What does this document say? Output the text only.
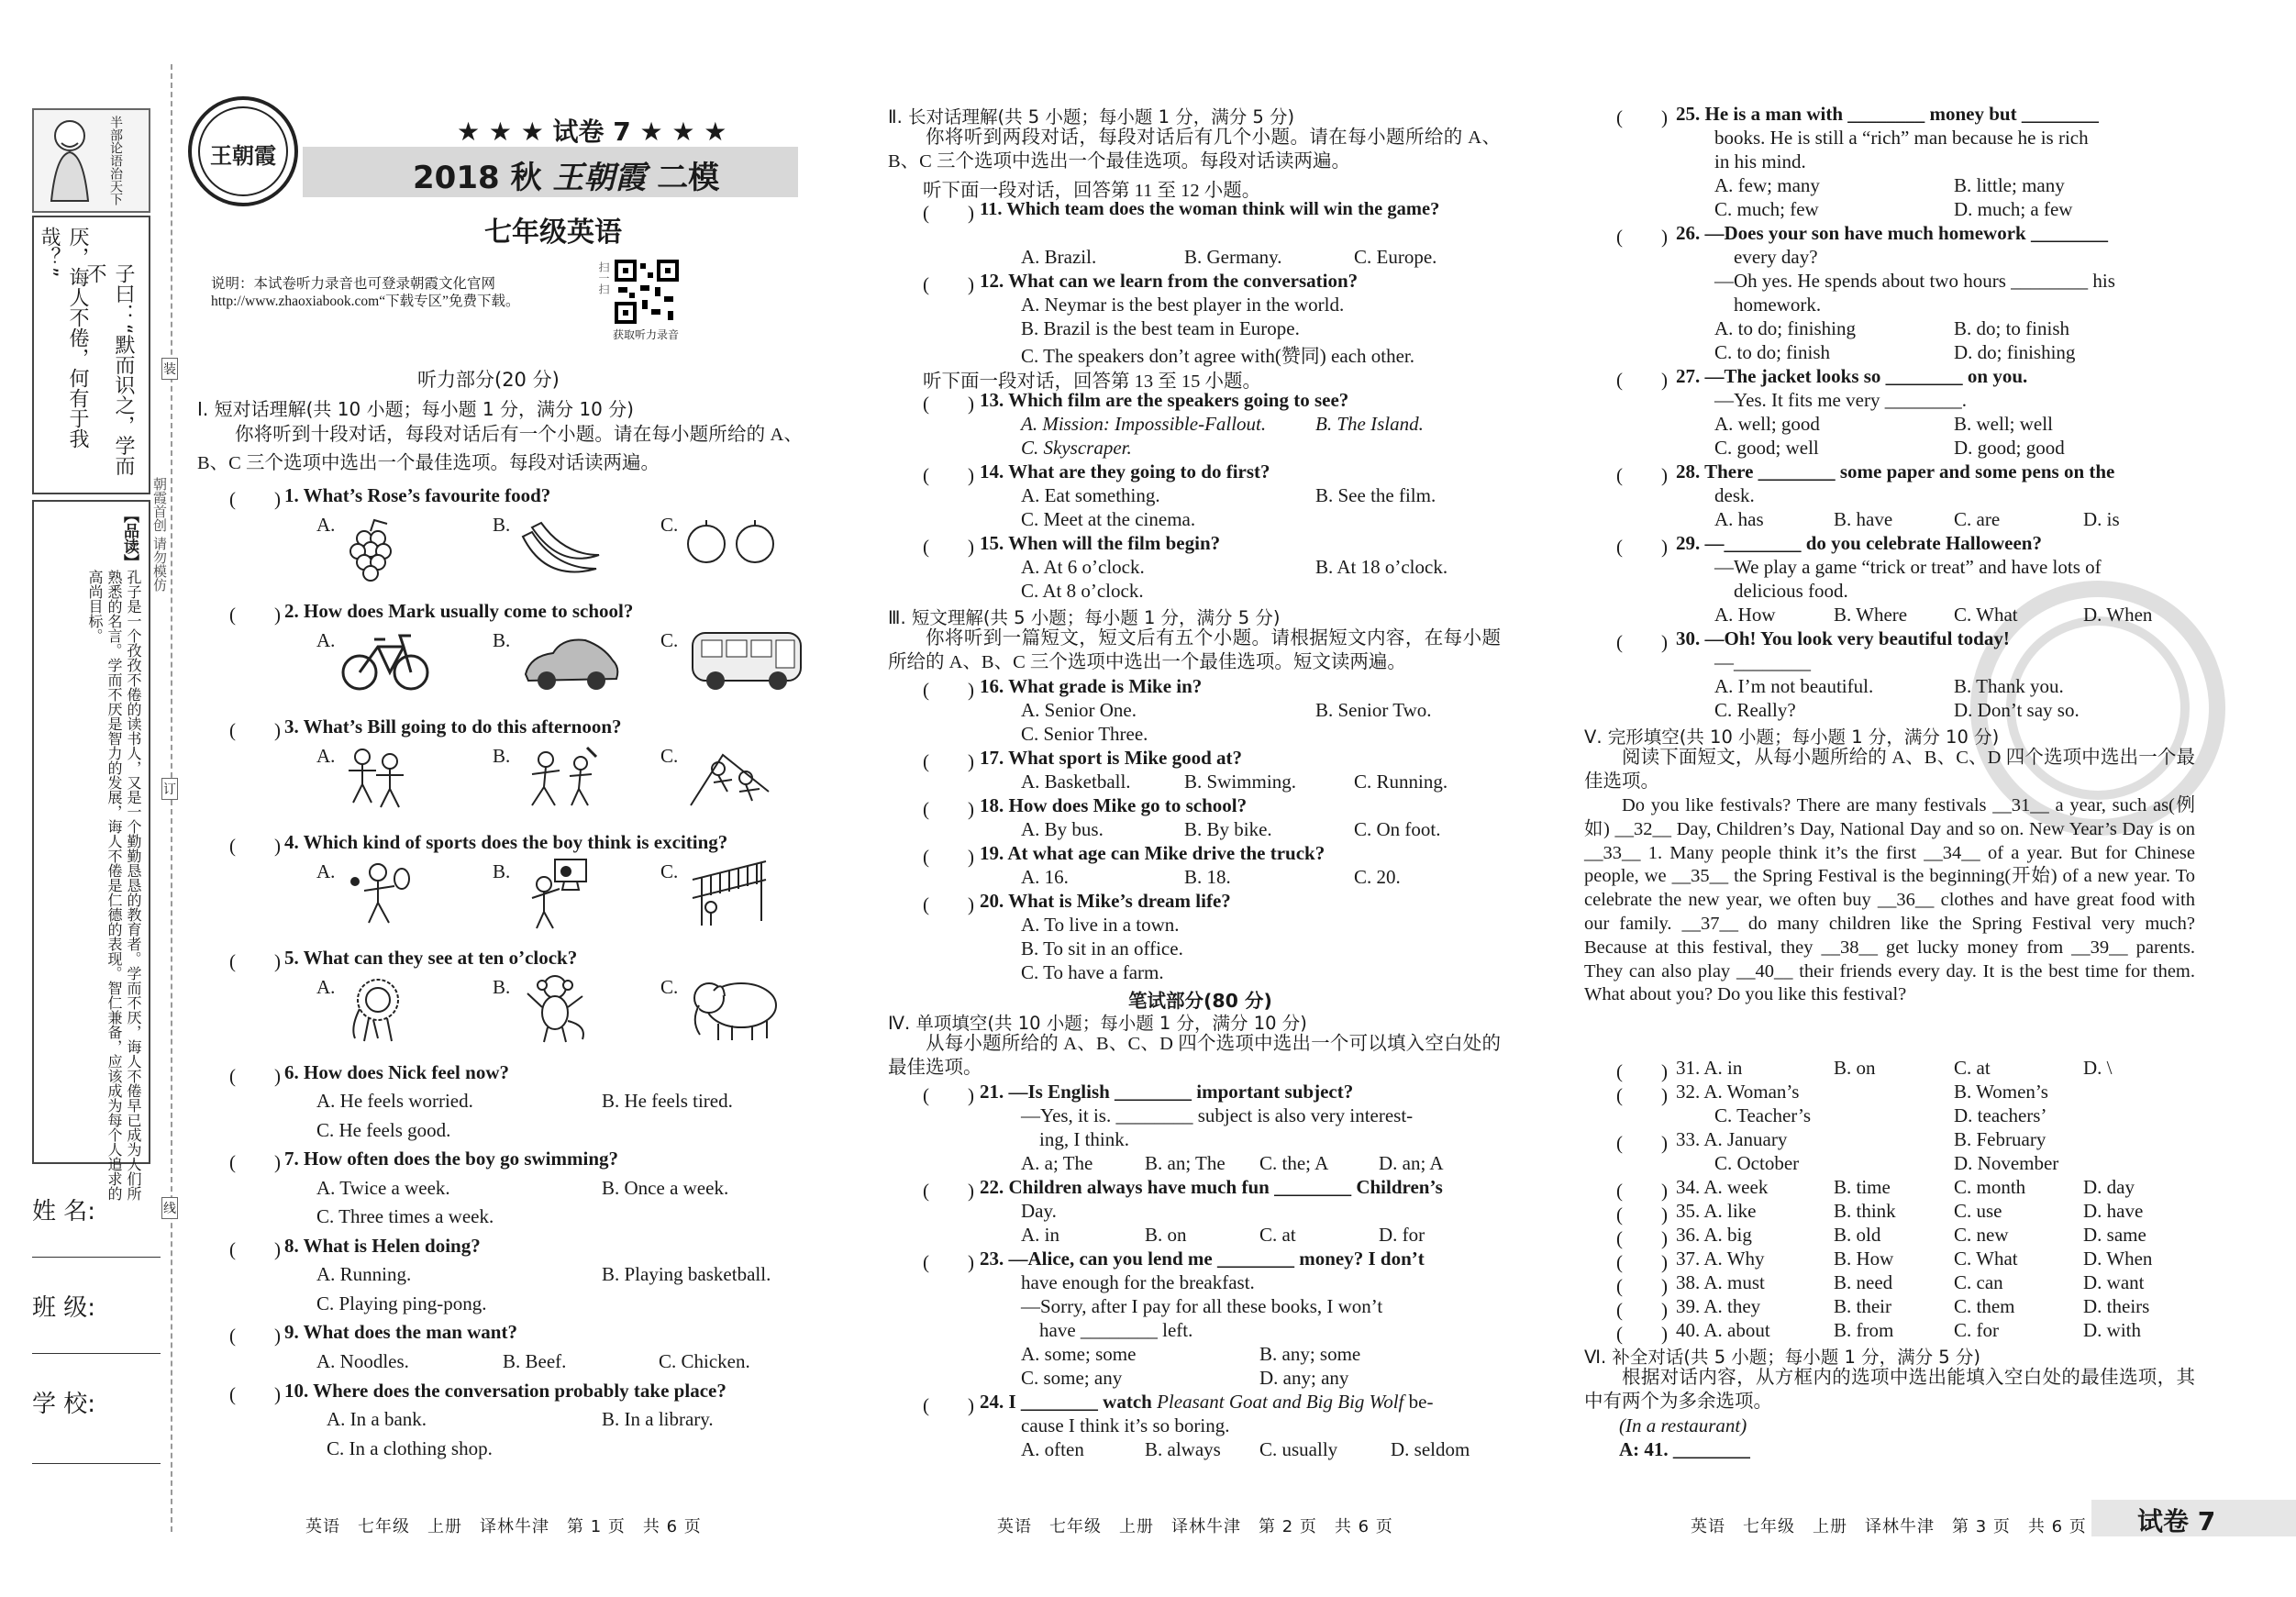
半部论语治天下
子曰：“默而识之，学而不
厌，诲人不倦，何有于我哉？”
【品读】
孔子是一个孜孜不倦的读书人，又是一个勤勤恳恳的教育者。学而不厌，诲人不倦早已成为人们所熟悉的名言。学而不厌是智力的发展，诲人不倦是仁德的表现。智仁兼备，应该成为每个人追求的高尚目标。
朝霞首创 请勿模仿
姓 名:
班 级:
学 校:
装
订
线
王朝霞
★ ★ ★ 试卷 7 ★ ★ ★
2018 秋 王朝霞 二模
七年级英语
说明：本试卷听力录音也可登录朝霞文化官网 http://www.zhaoxiabook.com“下载专区”免费下载。
扫一扫
获取听力录音
听力部分(20 分)
Ⅰ. 短对话理解(共 10 小题；每小题 1 分，满分 10 分)
你将听到十段对话，每段对话后有一个小题。请在每小题所给的 A、B、C 三个选项中选出一个最佳选项。每段对话读两遍。
(　　) 1. What’s Rose’s favourite food?
A.	B.	C.
(　　) 2. How does Mark usually come to school?
A.	B.	C.
(　　) 3. What’s Bill going to do this afternoon?
A.	B.	C.
(　　) 4. Which kind of sports does the boy think is exciting?
A.	B.	C.
(　　) 5. What can they see at ten o’clock?
A.	B.	C.
(　　) 6. How does Nick feel now?
A. He feels worried.	B. He feels tired.
C. He feels good.
(　　) 7. How often does the boy go swimming?
A. Twice a week.	B. Once a week.
C. Three times a week.
(　　) 8. What is Helen doing?
A. Running.	B. Playing basketball.
C. Playing ping-pong.
(　　) 9. What does the man want?
A. Noodles.	B. Beef.	C. Chicken.
(　　) 10. Where does the conversation probably take place?
A. In a bank.	B. In a library.
C. In a clothing shop.
Ⅱ. 长对话理解(共 5 小题；每小题 1 分，满分 5 分)
你将听到两段对话，每段对话后有几个小题。请在每小题所给的 A、B、C 三个选项中选出一个最佳选项。每段对话读两遍。
听下面一段对话，回答第 11 至 12 小题。
(　　) 11. Which team does the woman think will win the game?
A. Brazil.	B. Germany.	C. Europe.
(　　) 12. What can we learn from the conversation?
A. Neymar is the best player in the world.
B. Brazil is the best team in Europe.
C. The speakers don’t agree with(赞同) each other.
听下面一段对话，回答第 13 至 15 小题。
(　　) 13. Which film are the speakers going to see?
A. Mission: Impossible-Fallout.	B. The Island.
C. Skyscraper.
(　　) 14. What are they going to do first?
A. Eat something.	B. See the film.
C. Meet at the cinema.
(　　) 15. When will the film begin?
A. At 6 o’clock.	B. At 18 o’clock.
C. At 8 o’clock.
Ⅲ. 短文理解(共 5 小题；每小题 1 分，满分 5 分)
你将听到一篇短文，短文后有五个小题。请根据短文内容，在每小题所给的 A、B、C 三个选项中选出一个最佳选项。短文读两遍。
(　　) 16. What grade is Mike in?
A. Senior One.	B. Senior Two.
C. Senior Three.
(　　) 17. What sport is Mike good at?
A. Basketball.	B. Swimming.	C. Running.
(　　) 18. How does Mike go to school?
A. By bus.	B. By bike.	C. On foot.
(　　) 19. At what age can Mike drive the truck?
A. 16.	B. 18.	C. 20.
(　　) 20. What is Mike’s dream life?
A. To live in a town.
B. To sit in an office.
C. To have a farm.
笔试部分(80 分)
Ⅳ. 单项填空(共 10 小题；每小题 1 分，满分 10 分)
从每小题所给的 A、B、C、D 四个选项中选出一个可以填入空白处的最佳选项。
(　　) 21. —Is English ________ important subject?
—Yes, it is. ________ subject is also very interest-
ing, I think.
A. a; The	B. an; The C. the; A	D. an; A
(　　) 22. Children always have much fun ________ Children’s
Day.
A. in	B. on	C. at	D. for
(　　) 23. —Alice, can you lend me ________ money? I don’t
have enough for the breakfast.
—Sorry, after I pay for all these books, I won’t
have ________ left.
A. some; some	B. any; some
C. some; any	D. any; any
(　　) 24. I ________ watch Pleasant Goat and Big Big Wolf be-
cause I think it’s so boring.
A. often	B. always C. usually	D. seldom
(　　) 25. He is a man with ________ money but ________
books. He is still a “rich” man because he is rich
in his mind.
A. few; many	B. little; many
C. much; few	D. much; a few
(　　) 26. —Does your son have much homework ________
every day?
—Oh yes. He spends about two hours ________ his
homework.
A. to do; finishing	B. do; to finish
C. to do; finish	D. do; finishing
(　　) 27. —The jacket looks so ________ on you.
—Yes. It fits me very ________.
A. well; good	B. well; well
C. good; well	D. good; good
(　　) 28. There ________ some paper and some pens on the
desk.
A. has	B. have	C. are	D. is
(　　) 29. —________ do you celebrate Halloween?
—We play a game “trick or treat” and have lots of
delicious food.
A. How	B. Where C. What	D. When
(　　) 30. —Oh! You look very beautiful today!
—________
A. I’m not beautiful.	B. Thank you.
C. Really?	D. Don’t say so.
Ⅴ. 完形填空(共 10 小题；每小题 1 分，满分 10 分)
阅读下面短文，从每小题所给的 A、B、C、D 四个选项中选出一个最佳选项。
Do you like festivals? There are many festivals __31__ a year, such as(例如) __32__ Day, Children’s Day, National Day and so on. New Year’s Day is on __33__ 1. Many people think it’s the first __34__ of a year. But for Chinese people, we __35__ the Spring Festival is the beginning(开始) of a new year. To celebrate the new year, we often buy __36__ clothes and have great food with our family. __37__ do many children like the Spring Festival very much? Because at this festival, they __38__ get lucky money from __39__ parents. They can also play __40__ their friends every day. It is the best time for them. What about you? Do you like this festival?
(　　) 31. A. in	B. on	C. at	D. \
(　　) 32. A. Woman’s	B. Women’s
C. Teacher’s	D. teachers’
(　　) 33. A. January	B. February
C. October	D. November
(　　) 34. A. week	B. time	C. month	D. day
(　　) 35. A. like	B. think	C. use	D. have
(　　) 36. A. big	B. old	C. new	D. same
(　　) 37. A. Why	B. How	C. What	D. When
(　　) 38. A. must	B. need	C. can	D. want
(　　) 39. A. they	B. their	C. them	D. theirs
(　　) 40. A. about	B. from	C. for	D. with
Ⅵ. 补全对话(共 5 小题；每小题 1 分，满分 5 分)
根据对话内容，从方框内的选项中选出能填入空白处的最佳选项，其中有两个为多余选项。
(In a restaurant)
A: 41. ________
英语　七年级　上册　译林牛津　第 1 页　共 6 页	英语　七年级　上册　译林牛津　第 2 页　共 6 页	英语　七年级　上册　译林牛津　第 3 页　共 6 页 试卷 7
